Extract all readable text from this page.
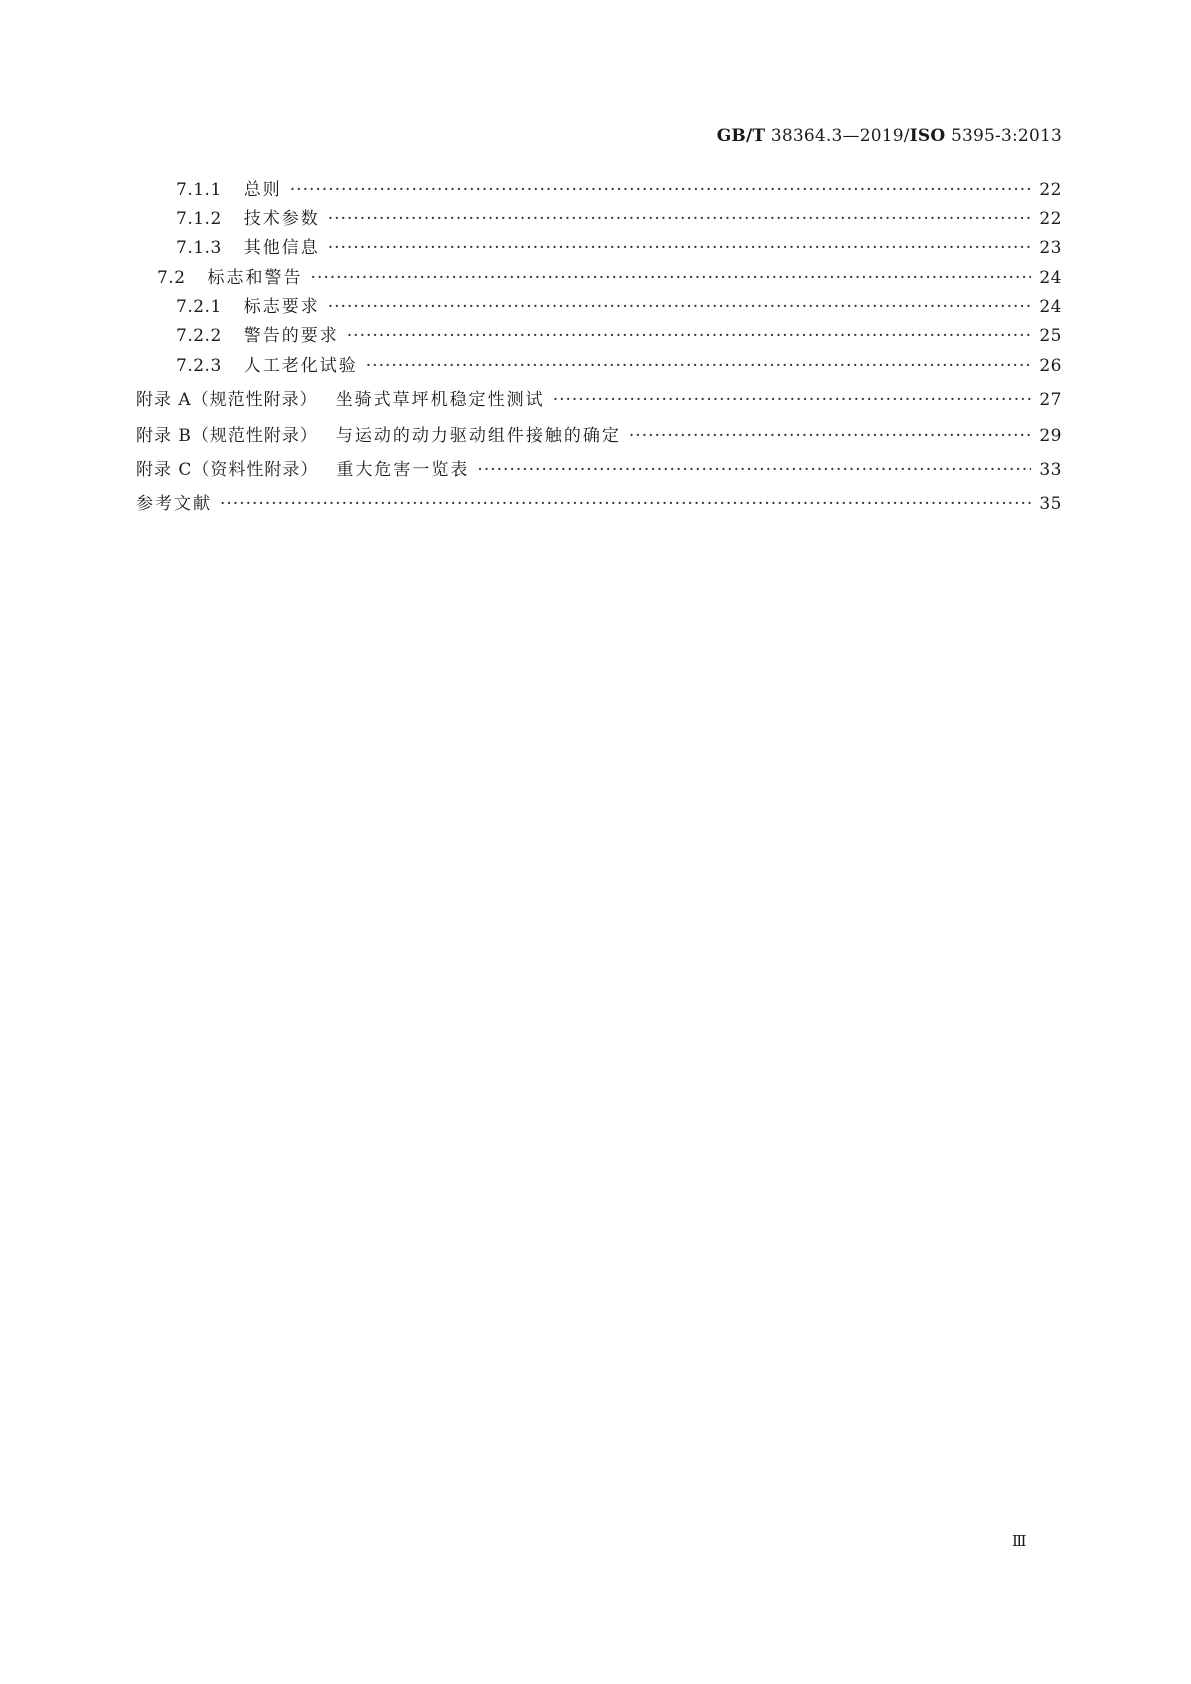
GB/T 38364.3—2019/ISO 5395-3:2013
7.1.1 总则 ·····	22
7.1.2 技术参数 ·····	22
7.1.3 其他信息 ·····	23
7.2 标志和警告 ·····	24
7.2.1 标志要求 ·····	24
7.2.2 警告的要求 ·····	25
7.2.3 人工老化试验 ·····	26
附录 A（规范性附录） 坐骑式草坪机稳定性测试 ·····	27
附录 B（规范性附录） 与运动的动力驱动组件接触的确定 ·····	29
附录 C（资料性附录） 重大危害一览表 ·····	33
参考文献 ·····	35
Ⅲ
